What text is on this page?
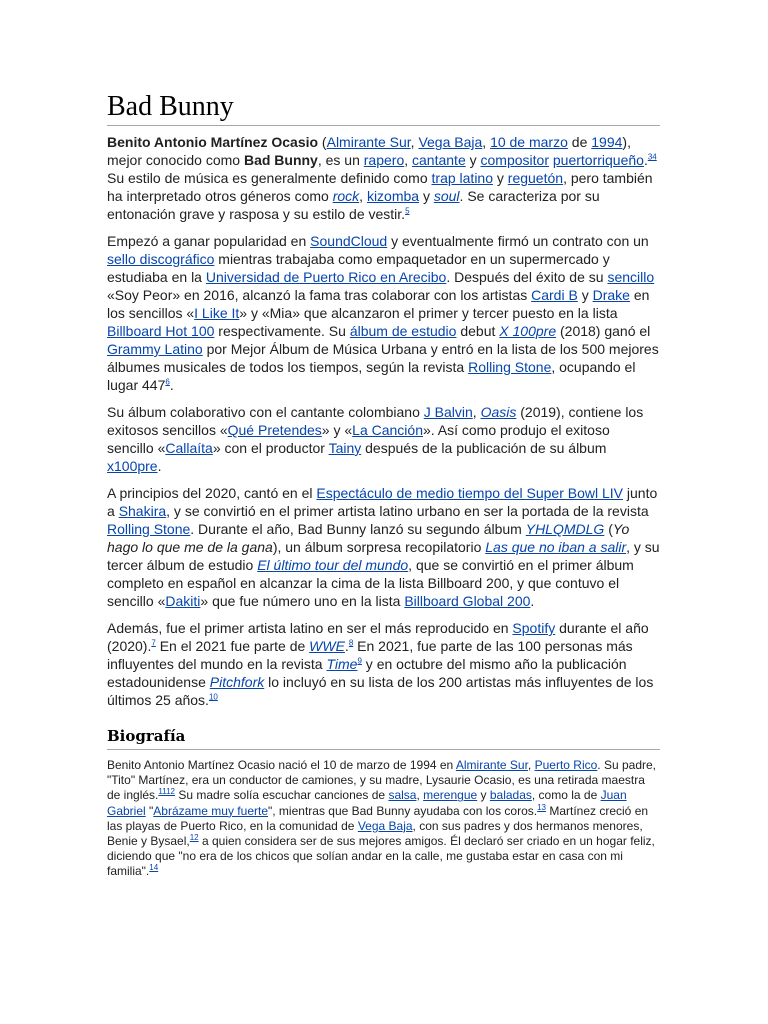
Bad Bunny

Benito Antonio Martínez Ocasio (Almirante Sur, Vega Baja, 10 de marzo de 1994), mejor conocido como Bad Bunny, es un rapero, cantante y compositor puertorriqueño.$^{34}$ Su estilo de música es generalmente definido como trap latino y reguetón, pero también ha interpretado otros géneros como rock, kizomba y soul. Se caracteriza por su entonación grave y rasposa y su estilo de vestir.$^5$

Empezó a ganar popularidad en SoundCloud y eventualmente firmó un contrato con un sello discográfico mientras trabajaba como empaquetador en un supermercado y estudiaba en la Universidad de Puerto Rico en Arecibo. Después del éxito de su sencillo «Soy Peor» en 2016, alcanzó la fama tras colaborar con los artistas Cardi B y Drake en los sencillos «I Like It» y «Mia» que alcanzaron el primer y tercer puesto en la lista Billboard Hot 100 respectivamente. Su álbum de estudio debut X 100pre (2018) ganó el Grammy Latino por Mejor Álbum de Música Urbana y entró en la lista de los 500 mejores álbumes musicales de todos los tiempos, según la revista Rolling Stone, ocupando el lugar 447$^6$.

Su álbum colaborativo con el cantante colombiano J Balvin, Oasis (2019), contiene los exitosos sencillos «Qué Pretendes» y «La Canción». Así como produjo el exitoso sencillo «Callaíta» con el productor Tainy después de la publicación de su álbum x100pre.

A principios del 2020, cantó en el Espectáculo de medio tiempo del Super Bowl LIV junto a Shakira, y se convirtió en el primer artista latino urbano en ser la portada de la revista Rolling Stone. Durante el año, Bad Bunny lanzó su segundo álbum YHLQMDLG (Yo hago lo que me de la gana), un álbum sorpresa recopilatorio Las que no iban a salir, y su tercer álbum de estudio El último tour del mundo, que se convirtió en el primer álbum completo en español en alcanzar la cima de la lista Billboard 200, y que contuvo el sencillo «Dakiti» que fue número uno en la lista Billboard Global 200.

Además, fue el primer artista latino en ser el más reproducido en Spotify durante el año (2020).$^7$ En el 2021 fue parte de WWE.$^8$ En 2021, fue parte de las 100 personas más influyentes del mundo en la revista Time$^9$ y en octubre del mismo año la publicación estadounidense Pitchfork lo incluyó en su lista de los 200 artistas más influyentes de los últimos 25 años.$^{10}$

Biografía

Benito Antonio Martínez Ocasio nació el 10 de marzo de 1994 en Almirante Sur, Puerto Rico. Su padre, "Tito" Martínez, era un conductor de camiones, y su madre, Lysaurie Ocasio, es una retirada maestra de inglés.$^{1112}$ Su madre solía escuchar canciones de salsa, merengue y baladas, como la de Juan Gabriel "Abrázame muy fuerte", mientras que Bad Bunny ayudaba con los coros.$^{13}$ Martínez creció en las playas de Puerto Rico, en la comunidad de Vega Baja, con sus padres y dos hermanos menores, Benie y Bysael,$^{12}$ a quien considera ser de sus mejores amigos. Él declaró ser criado en un hogar feliz, diciendo que "no era de los chicos que solían andar en la calle, me gustaba estar en casa con mi familia".$^{14}$
